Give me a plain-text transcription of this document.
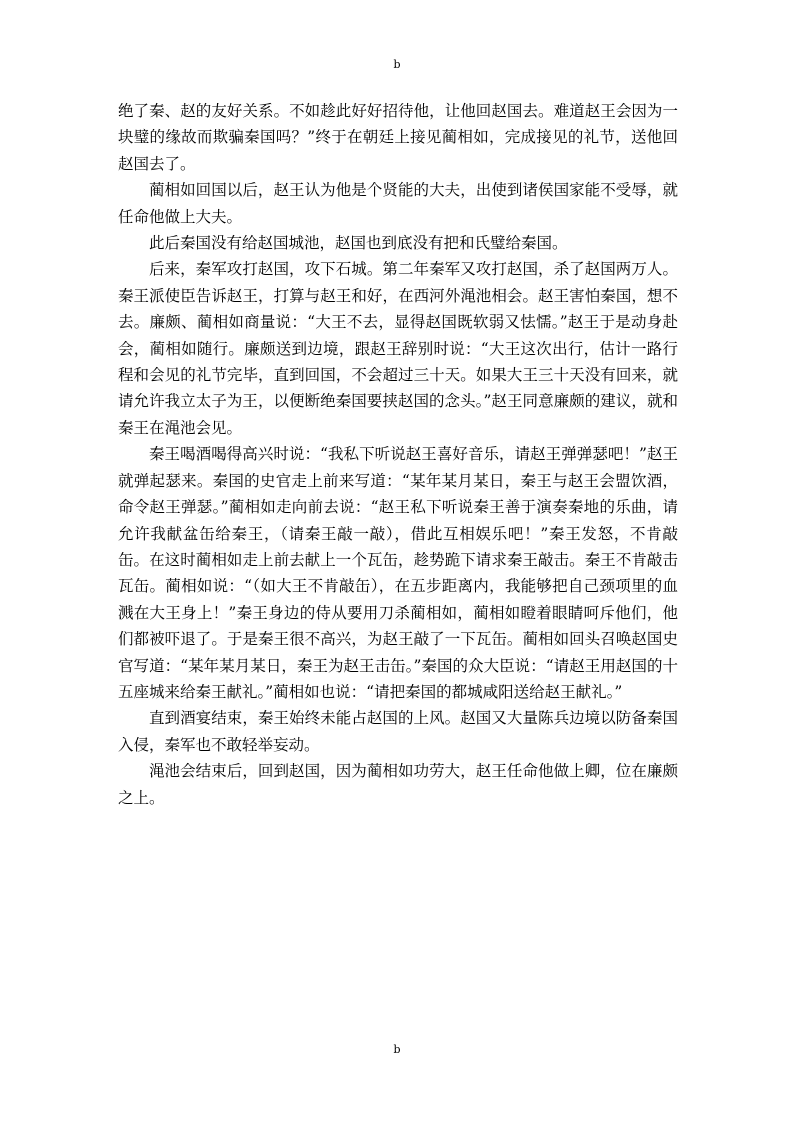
b

绝了秦、赵的友好关系。不如趁此好好招待他，让他回赵国去。难道赵王会因为一块璧的缘故而欺骗秦国吗？”终于在朝廷上接见蔺相如，完成接见的礼节，送他回赵国去了。

蔺相如回国以后，赵王认为他是个贤能的大夫，出使到诸侯国家能不受辱，就任命他做上大夫。

此后秦国没有给赵国城池，赵国也到底没有把和氏璧给秦国。

后来，秦军攻打赵国，攻下石城。第二年秦军又攻打赵国，杀了赵国两万人。秦王派使臣告诉赵王，打算与赵王和好，在西河外渑池相会。赵王害怕秦国，想不去。廉颇、蔺相如商量说：“大王不去，显得赵国既软弱又怯懦。”赵王于是动身赴会，蔺相如随行。廉颇送到边境，跟赵王辞别时说：“大王这次出行，估计一路行程和会见的礼节完毕，直到回国，不会超过三十天。如果大王三十天没有回来，就请允许我立太子为王，以便断绝秦国要挟赵国的念头。”赵王同意廉颇的建议，就和秦王在渑池会见。

秦王喝酒喝得高兴时说：“我私下听说赵王喜好音乐，请赵王弹弹瑟吧！”赵王就弹起瑟来。秦国的史官走上前来写道：“某年某月某日，秦王与赵王会盟饮酒，命令赵王弹瑟。”蔺相如走向前去说：“赵王私下听说秦王善于演奏秦地的乐曲，请允许我献盆缶给秦王，（请秦王敲一敲），借此互相娱乐吧！”秦王发怒，不肯敲缶。在这时蔺相如走上前去献上一个瓦缶，趁势跪下请求秦王敲击。秦王不肯敲击瓦缶。蔺相如说：“（如大王不肯敲缶），在五步距离内，我能够把自己颈项里的血溅在大王身上！”秦王身边的侍从要用刀杀蔺相如，蔺相如瞪着眼睛呵斥他们，他们都被吓退了。于是秦王很不高兴，为赵王敲了一下瓦缶。蔺相如回头召唤赵国史官写道：“某年某月某日，秦王为赵王击缶。”秦国的众大臣说：“请赵王用赵国的十五座城来给秦王献礼。”蔺相如也说：“请把秦国的都城咸阳送给赵王献礼。”

直到酒宴结束，秦王始终未能占赵国的上风。赵国又大量陈兵边境以防备秦国入侵，秦军也不敢轻举妄动。

渑池会结束后，回到赵国，因为蔺相如功劳大，赵王任命他做上卿，位在廉颇之上。

b
